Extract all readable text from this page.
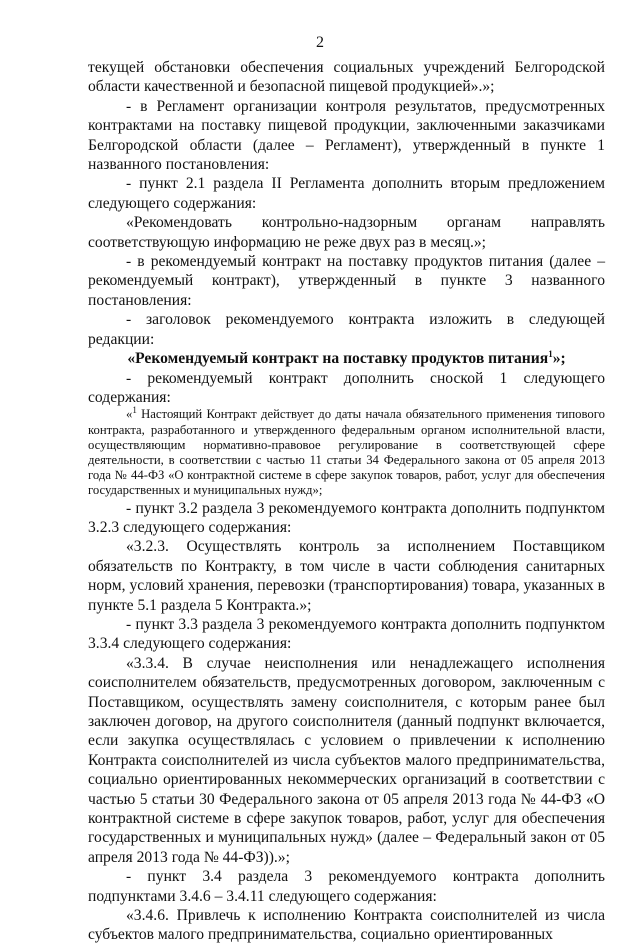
2

текущей обстановки обеспечения социальных учреждений Белгородской области качественной и безопасной пищевой продукцией».»;

- в Регламент организации контроля результатов, предусмотренных контрактами на поставку пищевой продукции, заключенными заказчиками Белгородской области (далее – Регламент), утвержденный в пункте 1 названного постановления:

- пункт 2.1 раздела II Регламента дополнить вторым предложением следующего содержания:

«Рекомендовать контрольно-надзорным органам направлять соответствующую информацию не реже двух раз в месяц.»;

- в рекомендуемый контракт на поставку продуктов питания (далее – рекомендуемый контракт), утвержденный в пункте 3 названного постановления:

- заголовок рекомендуемого контракта изложить в следующей редакции:

«Рекомендуемый контракт на поставку продуктов питания$^1$»;

- рекомендуемый контракт дополнить сноской 1 следующего содержания:

«$^1$ Настоящий Контракт действует до даты начала обязательного применения типового контракта, разработанного и утвержденного федеральным органом исполнительной власти, осуществляющим нормативно-правовое регулирование в соответствующей сфере деятельности, в соответствии с частью 11 статьи 34 Федерального закона от 05 апреля 2013 года № 44-ФЗ «О контрактной системе в сфере закупок товаров, работ, услуг для обеспечения государственных и муниципальных нужд»;

- пункт 3.2 раздела 3 рекомендуемого контракта дополнить подпунктом 3.2.3 следующего содержания:

«3.2.3. Осуществлять контроль за исполнением Поставщиком обязательств по Контракту, в том числе в части соблюдения санитарных норм, условий хранения, перевозки (транспортирования) товара, указанных в пункте 5.1 раздела 5 Контракта.»;

- пункт 3.3 раздела 3 рекомендуемого контракта дополнить подпунктом 3.3.4 следующего содержания:

«3.3.4. В случае неисполнения или ненадлежащего исполнения соисполнителем обязательств, предусмотренных договором, заключенным с Поставщиком, осуществлять замену соисполнителя, с которым ранее был заключен договор, на другого соисполнителя (данный подпункт включается, если закупка осуществлялась с условием о привлечении к исполнению Контракта соисполнителей из числа субъектов малого предпринимательства, социально ориентированных некоммерческих организаций в соответствии с частью 5 статьи 30 Федерального закона от 05 апреля 2013 года № 44-ФЗ «О контрактной системе в сфере закупок товаров, работ, услуг для обеспечения государственных и муниципальных нужд» (далее – Федеральный закон от 05 апреля 2013 года № 44-ФЗ)).»;

- пункт 3.4 раздела 3 рекомендуемого контракта дополнить подпунктами 3.4.6 – 3.4.11 следующего содержания:

«3.4.6. Привлечь к исполнению Контракта соисполнителей из числа субъектов малого предпринимательства, социально ориентированных
